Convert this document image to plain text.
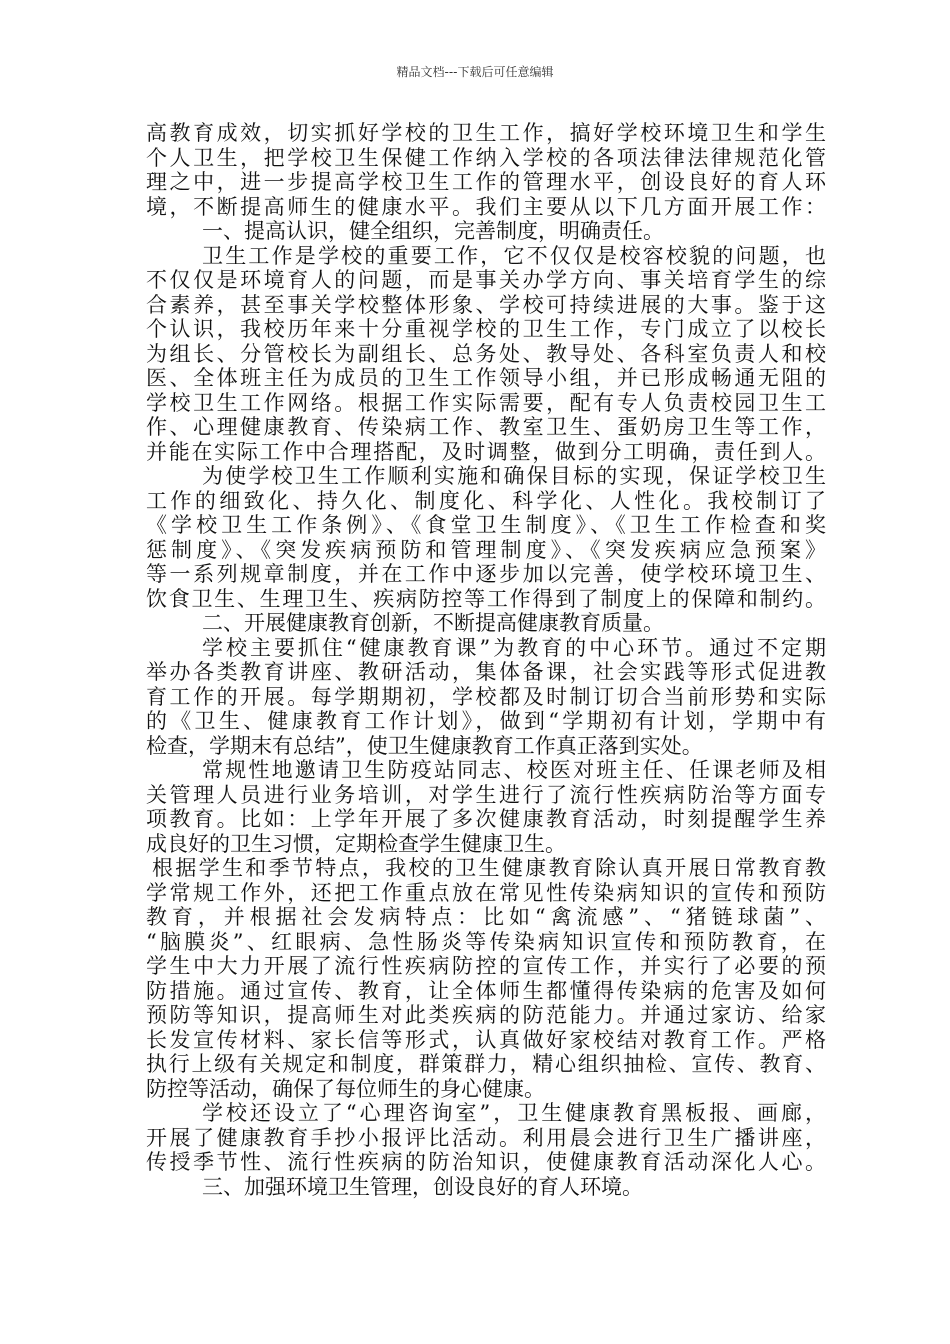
精品文档---下载后可任意编辑
高教育成效，切实抓好学校的卫生工作，搞好学校环境卫生和学生
个人卫生，把学校卫生保健工作纳入学校的各项法律法律规范化管
理之中，进一步提高学校卫生工作的管理水平，创设良好的育人环
境，不断提高师生的健康水平。我们主要从以下几方面开展工作：
一、提高认识，健全组织，完善制度，明确责任。
卫生工作是学校的重要工作，它不仅仅是校容校貌的问题，也
不仅仅是环境育人的问题，而是事关办学方向、事关培育学生的综
合素养，甚至事关学校整体形象、学校可持续进展的大事。鉴于这
个认识，我校历年来十分重视学校的卫生工作，专门成立了以校长
为组长、分管校长为副组长、总务处、教导处、各科室负责人和校
医、全体班主任为成员的卫生工作领导小组，并已形成畅通无阻的
学校卫生工作网络。根据工作实际需要，配有专人负责校园卫生工
作、心理健康教育、传染病工作、教室卫生、蛋奶房卫生等工作，
并能在实际工作中合理搭配，及时调整，做到分工明确，责任到人。
为使学校卫生工作顺利实施和确保目标的实现，保证学校卫生
工作的细致化、持久化、制度化、科学化、人性化。我校制订了
《学校卫生工作条例》、《食堂卫生制度》、《卫生工作检查和奖
惩制度》、《突发疾病预防和管理制度》、《突发疾病应急预案》
等一系列规章制度，并在工作中逐步加以完善，使学校环境卫生、
饮食卫生、生理卫生、疾病防控等工作得到了制度上的保障和制约。
二、开展健康教育创新，不断提高健康教育质量。
学校主要抓住“健康教育课”为教育的中心环节。通过不定期
举办各类教育讲座、教研活动，集体备课，社会实践等形式促进教
育工作的开展。每学期期初，学校都及时制订切合当前形势和实际
的《卫生、健康教育工作计划》，做到“学期初有计划，学期中有
检查，学期末有总结”，使卫生健康教育工作真正落到实处。
常规性地邀请卫生防疫站同志、校医对班主任、任课老师及相
关管理人员进行业务培训，对学生进行了流行性疾病防治等方面专
项教育。比如：上学年开展了多次健康教育活动，时刻提醒学生养
成良好的卫生习惯，定期检查学生健康卫生。
根据学生和季节特点，我校的卫生健康教育除认真开展日常教育教
学常规工作外，还把工作重点放在常见性传染病知识的宣传和预防
教育，并根据社会发病特点：比如“禽流感”、“猪链球菌”、
“脑膜炎”、红眼病、急性肠炎等传染病知识宣传和预防教育，在
学生中大力开展了流行性疾病防控的宣传工作，并实行了必要的预
防措施。通过宣传、教育，让全体师生都懂得传染病的危害及如何
预防等知识，提高师生对此类疾病的防范能力。并通过家访、给家
长发宣传材料、家长信等形式，认真做好家校结对教育工作。严格
执行上级有关规定和制度，群策群力，精心组织抽检、宣传、教育、
防控等活动，确保了每位师生的身心健康。
学校还设立了“心理咨询室”，卫生健康教育黑板报、画廊，
开展了健康教育手抄小报评比活动。利用晨会进行卫生广播讲座，
传授季节性、流行性疾病的防治知识，使健康教育活动深化人心。
三、加强环境卫生管理，创设良好的育人环境。
